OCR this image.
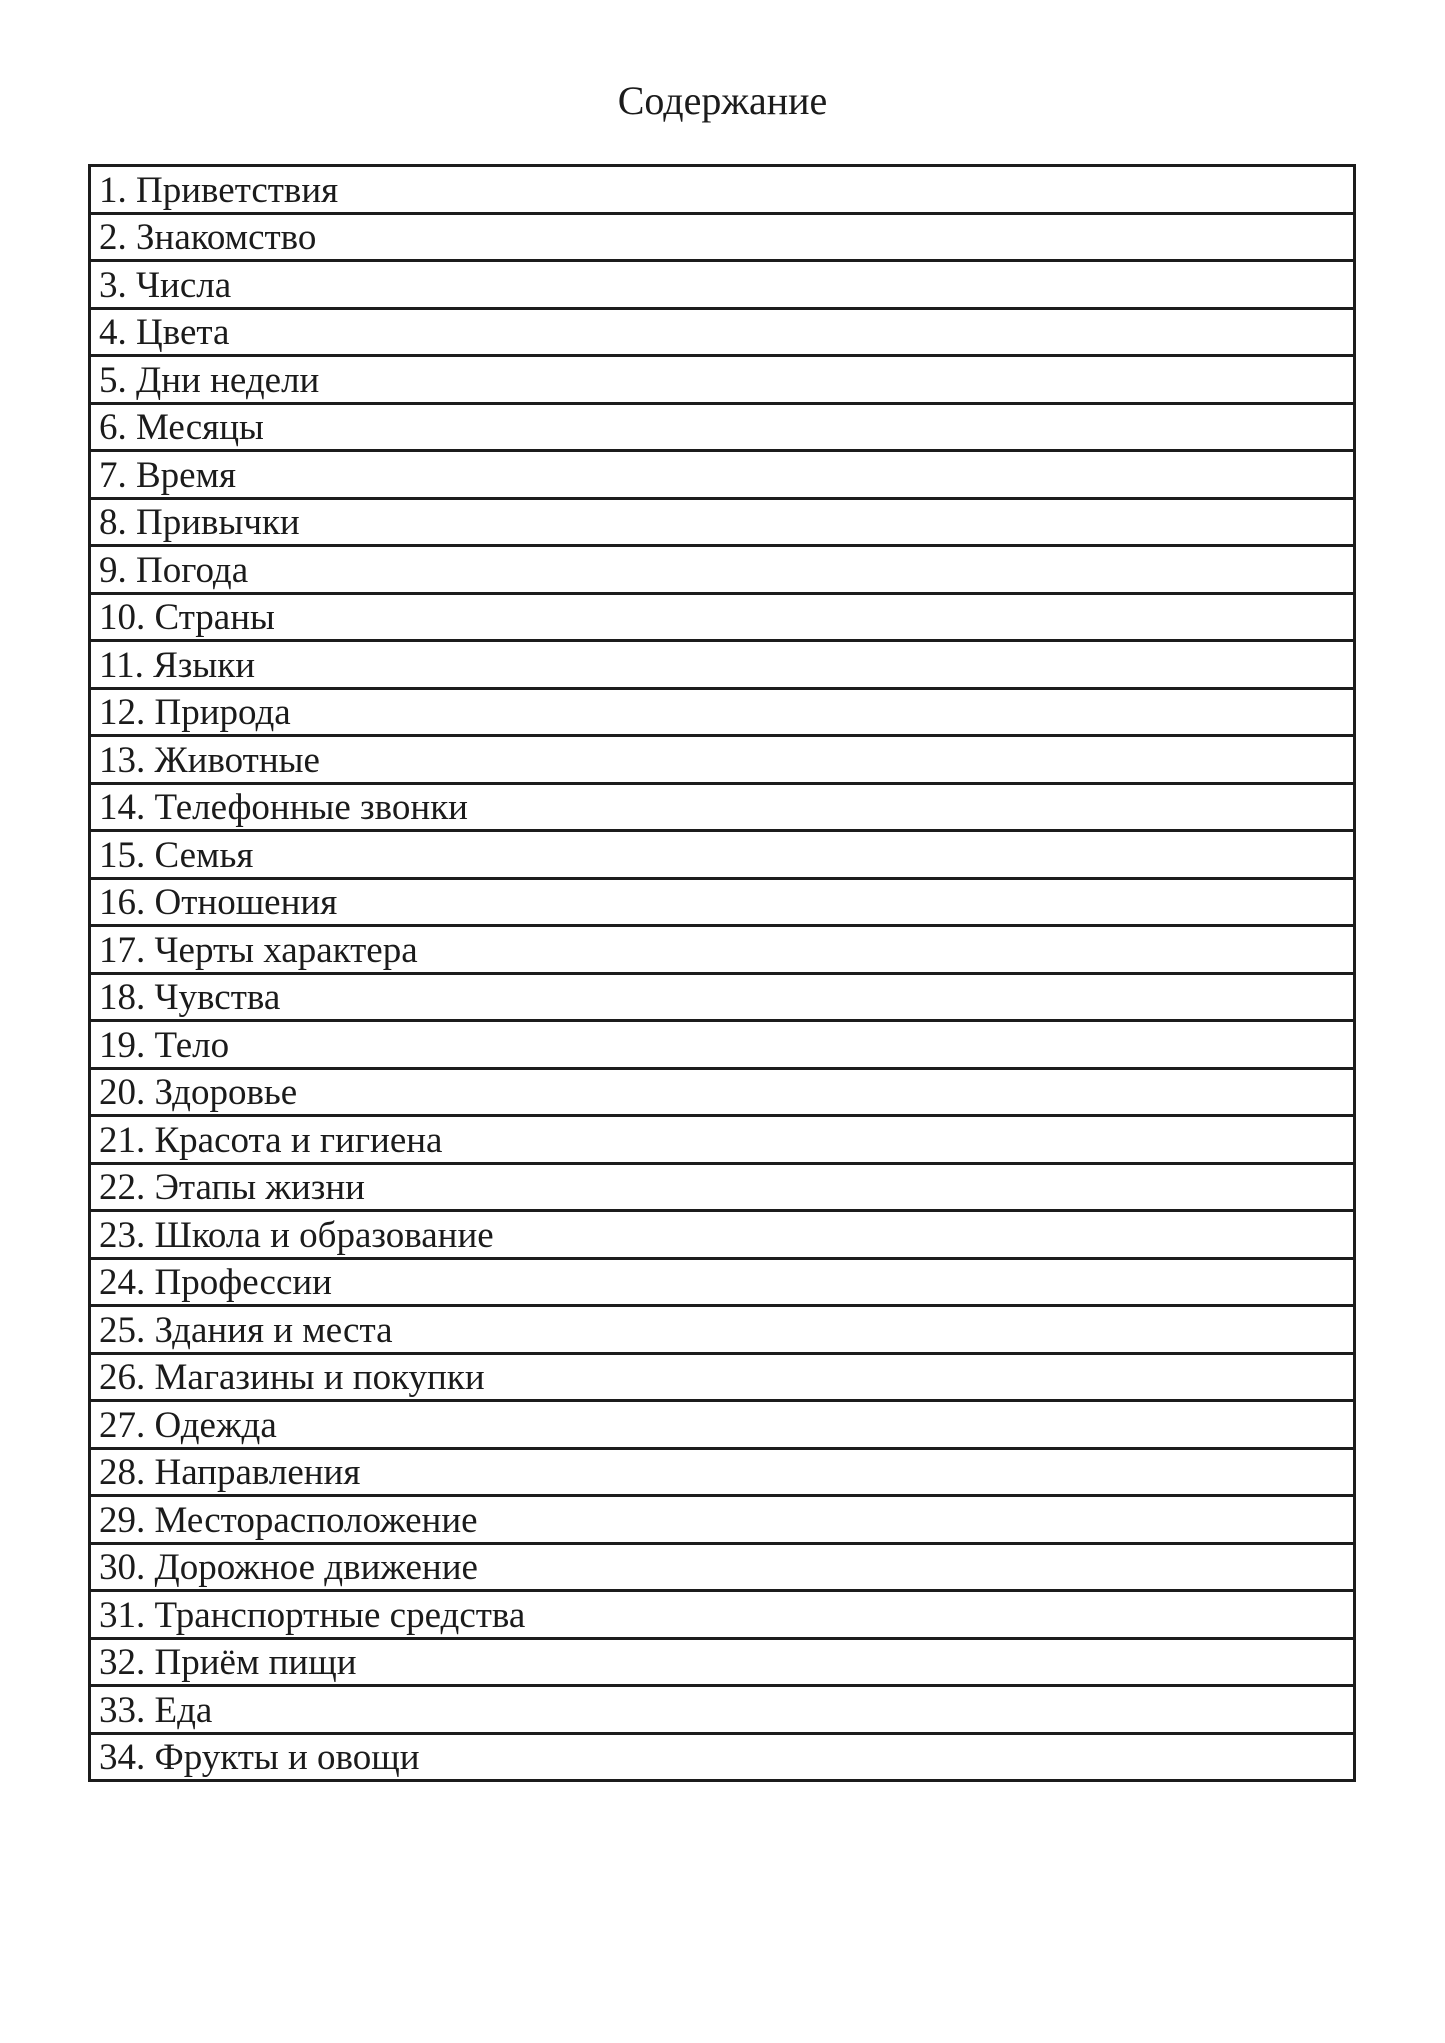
Содержание
1. Приветствия
2. Знакомство
3. Числа
4. Цвета
5. Дни недели
6. Месяцы
7. Время
8. Привычки
9. Погода
10. Страны
11. Языки
12. Природа
13. Животные
14. Телефонные звонки
15. Семья
16. Отношения
17. Черты характера
18. Чувства
19. Тело
20. Здоровье
21. Красота и гигиена
22. Этапы жизни
23. Школа и образование
24. Профессии
25. Здания и места
26. Магазины и покупки
27. Одежда
28. Направления
29. Месторасположение
30. Дорожное движение
31. Транспортные средства
32. Приём пищи
33. Еда
34. Фрукты и овощи
